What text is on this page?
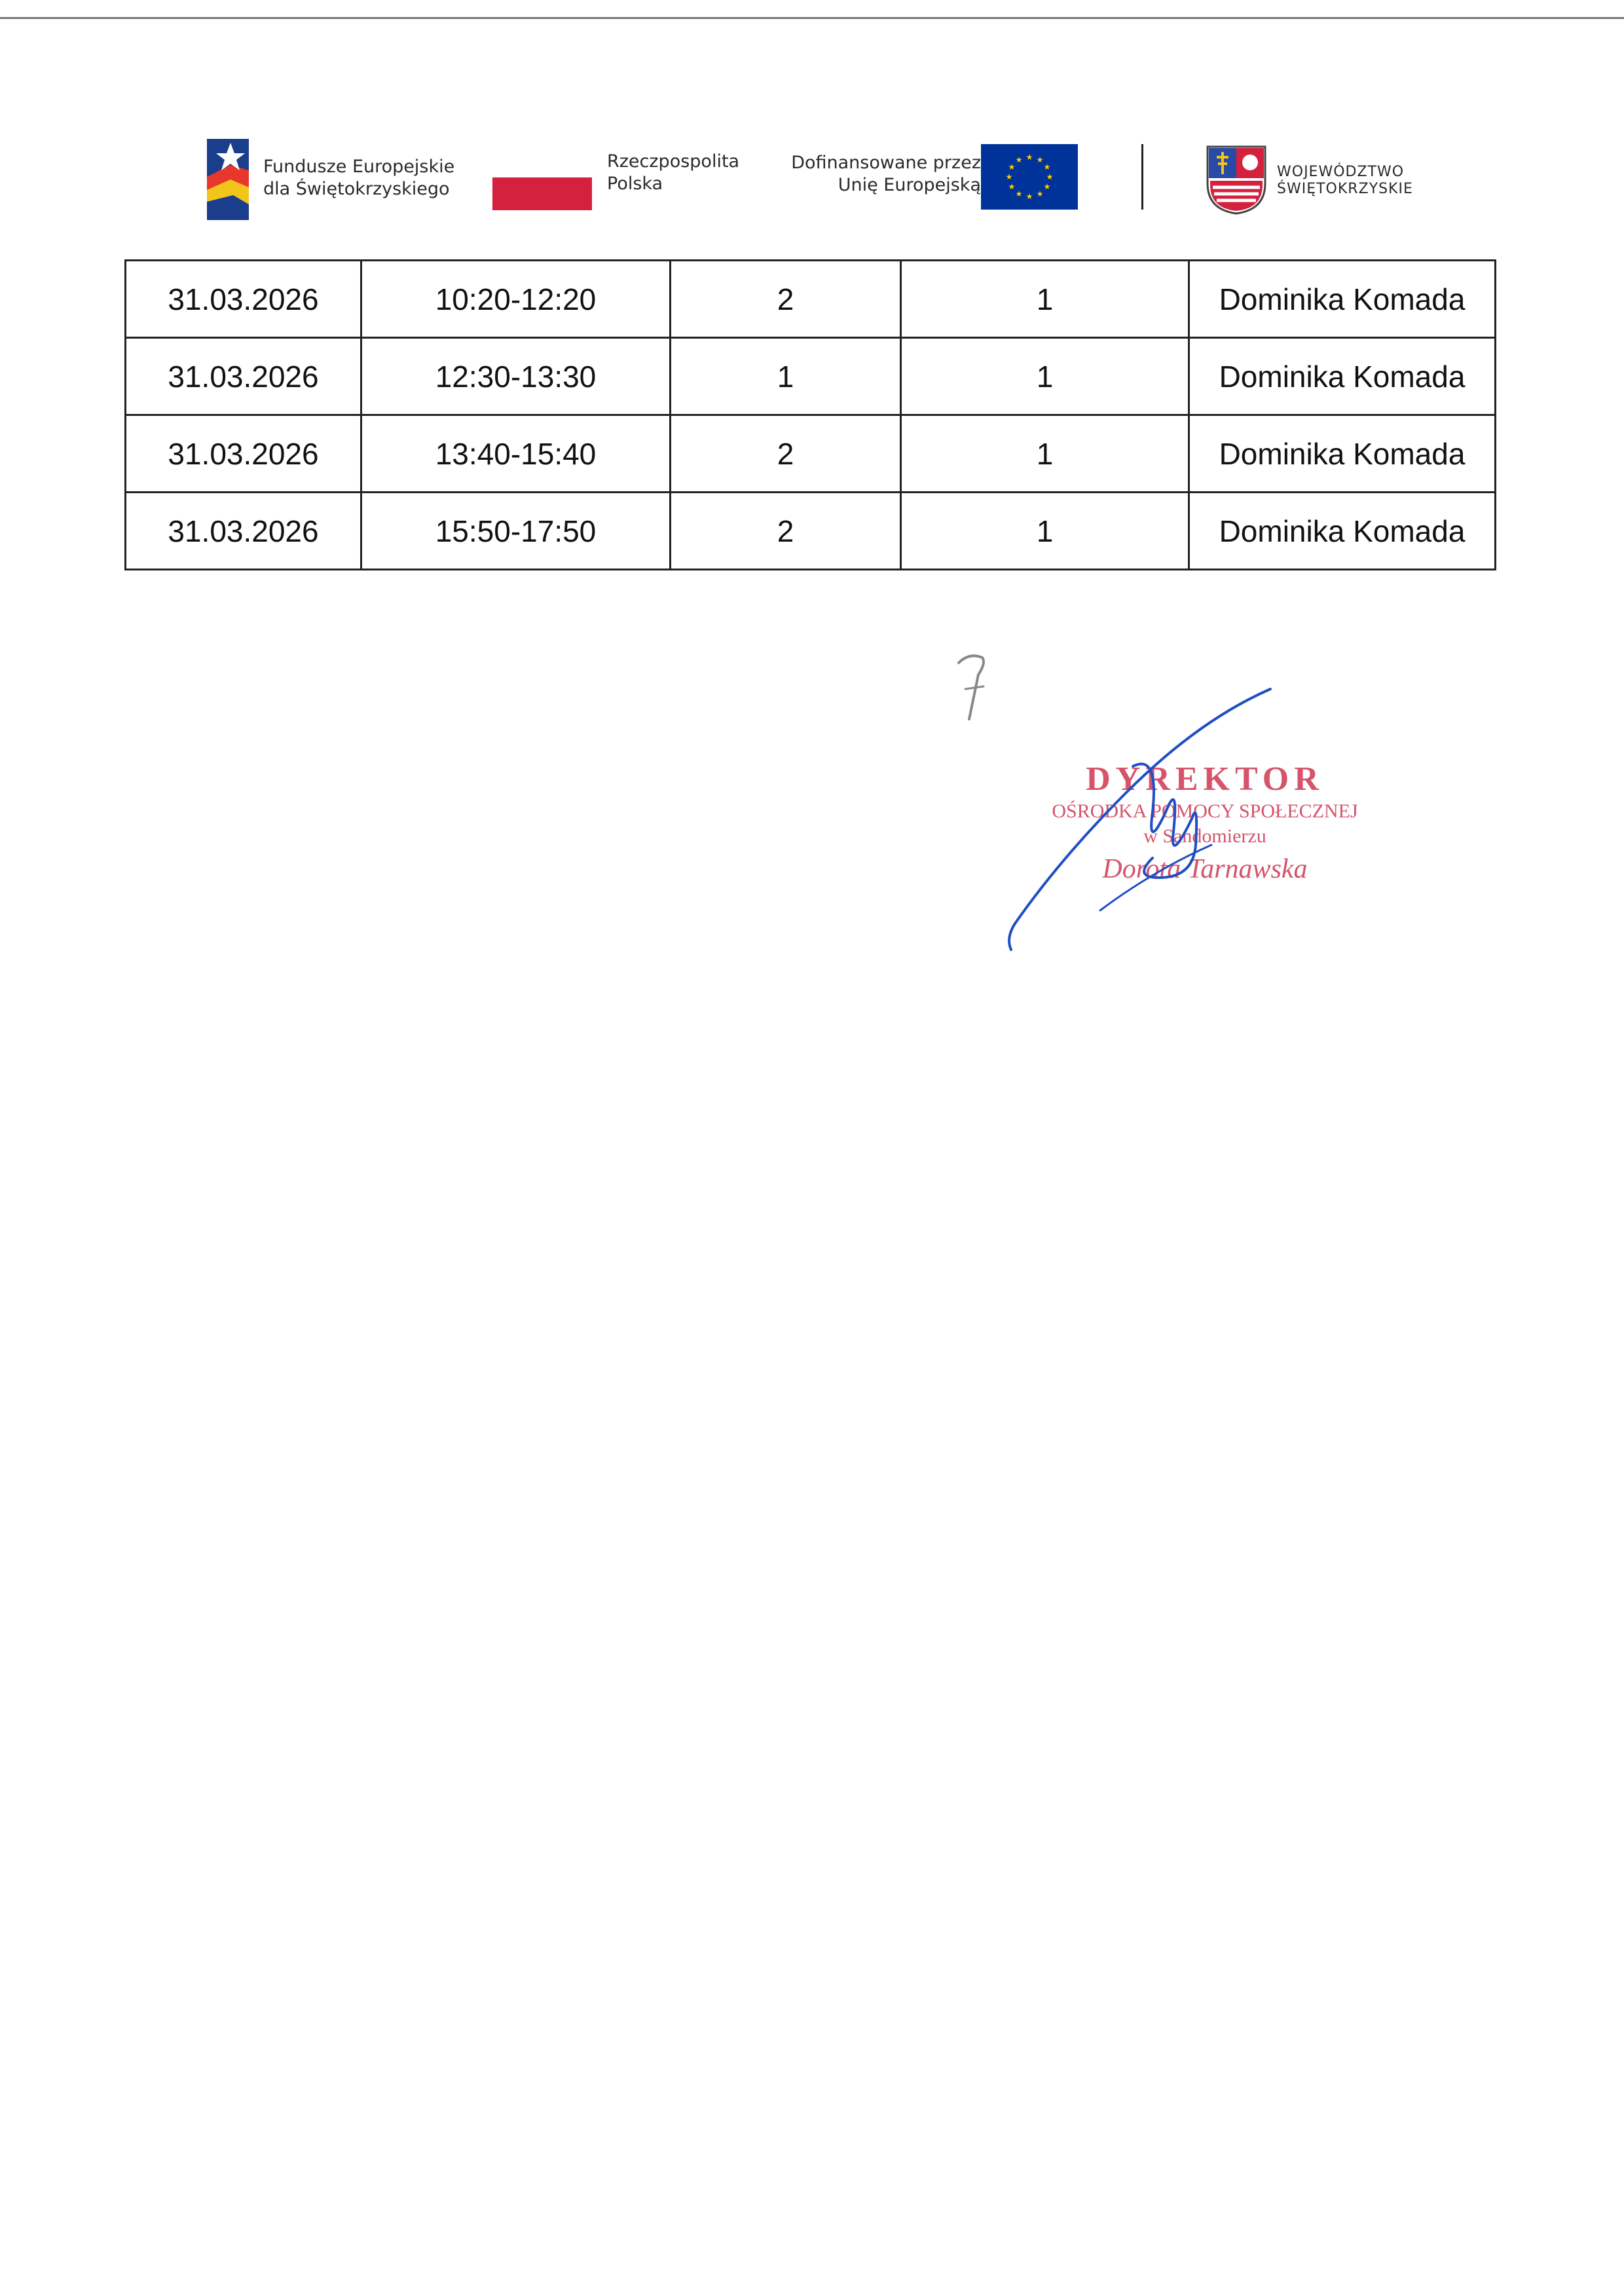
Fundusze Europejskie
dla Świętokrzyskiego
Rzeczpospolita
Polska
Dofinansowane przez
Unię Europejską
★ ★
★
★
★
★
★
★
★
★
★
★
WOJEWÓDZTWO
ŚWIĘTOKRZYSKIE
31.03.2026	10:20-12:20	2	1	Dominika Komada
31.03.2026	12:30-13:30	1	1	Dominika Komada
31.03.2026	13:40-15:40	2	1	Dominika Komada
31.03.2026	15:50-17:50	2	1	Dominika Komada
DYREKTOR
OŚRODKA POMOCY SPOŁECZNEJ
w Sandomierzu
Dorota Tarnawska
